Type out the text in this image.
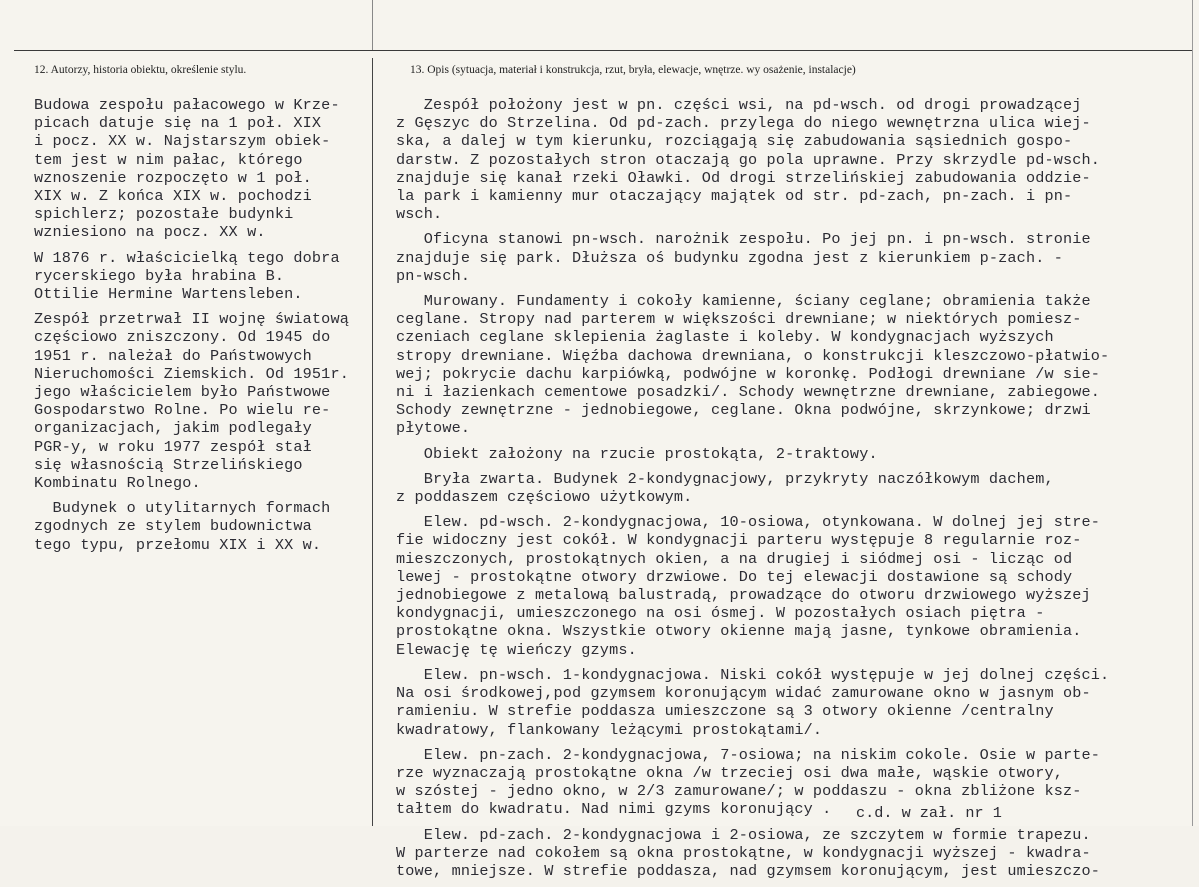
12. Autorzy, historia obiektu, określenie stylu.	13. Opis (sytuacja, materiał i konstrukcja, rzut, bryła, elewacje, wnętrze. wy osażenie, instalacje)
Budowa zespołu pałacowego w Krze-
picach datuje się na 1 poł. XIX
i pocz. XX w. Najstarszym obiek-
tem jest w nim pałac, którego
wznoszenie rozpoczęto w 1 poł.
XIX w. Z końca XIX w. pochodzi
spichlerz; pozostałe budynki
wzniesiono na pocz. XX w.
W 1876 r. właścicielką tego dobra
rycerskiego była hrabina B.
Ottilie Hermine Wartensleben.
Zespół przetrwał II wojnę światową
częściowo zniszczony. Od 1945 do
1951 r. należał do Państwowych
Nieruchomości Ziemskich. Od 1951r.
jego właścicielem było Państwowe
Gospodarstwo Rolne. Po wielu re-
organizacjach, jakim podlegały
PGR-y, w roku 1977 zespół stał
się własnością Strzelińskiego
Kombinatu Rolnego.
Budynek o utylitarnych formach
zgodnych ze stylem budownictwa
tego typu, przełomu XIX i XX w.
Zespół położony jest w pn. części wsi, na pd-wsch. od drogi prowadzącej
z Gęszyc do Strzelina. Od pd-zach. przylega do niego wewnętrzna ulica wiej-
ska, a dalej w tym kierunku, rozciągają się zabudowania sąsiednich gospo-
darstw. Z pozostałych stron otaczają go pola uprawne. Przy skrzydle pd-wsch.
znajduje się kanał rzeki Oławki. Od drogi strzelińskiej zabudowania oddzie-
la park i kamienny mur otaczający majątek od str. pd-zach, pn-zach. i pn-
wsch.
Oficyna stanowi pn-wsch. narożnik zespołu. Po jej pn. i pn-wsch. stronie
znajduje się park. Dłuższa oś budynku zgodna jest z kierunkiem p-zach. -
pn-wsch.
Murowany. Fundamenty i cokoły kamienne, ściany ceglane; obramienia także
ceglane. Stropy nad parterem w większości drewniane; w niektórych pomiesz-
czeniach ceglane sklepienia żaglaste i koleby. W kondygnacjach wyższych
stropy drewniane. Więźba dachowa drewniana, o konstrukcji kleszczowo-płatwio-
wej; pokrycie dachu karpiówką, podwójne w koronkę. Podłogi drewniane /w sie-
ni i łazienkach cementowe posadzki/. Schody wewnętrzne drewniane, zabiegowe.
Schody zewnętrzne - jednobiegowe, ceglane. Okna podwójne, skrzynkowe; drzwi
płytowe.
Obiekt założony na rzucie prostokąta, 2-traktowy.
Bryła zwarta. Budynek 2-kondygnacjowy, przykryty naczółkowym dachem,
z poddaszem częściowo użytkowym.
Elew. pd-wsch. 2-kondygnacjowa, 10-osiowa, otynkowana. W dolnej jej stre-
fie widoczny jest cokół. W kondygnacji parteru występuje 8 regularnie roz-
mieszczonych, prostokątnych okien, a na drugiej i siódmej osi - licząc od
lewej - prostokątne otwory drzwiowe. Do tej elewacji dostawione są schody
jednobiegowe z metalową balustradą, prowadzące do otworu drzwiowego wyższej
kondygnacji, umieszczonego na osi ósmej. W pozostałych osiach piętra -
prostokątne okna. Wszystkie otwory okienne mają jasne, tynkowe obramienia.
Elewację tę wieńczy gzyms.
Elew. pn-wsch. 1-kondygnacjowa. Niski cokół występuje w jej dolnej części.
Na osi środkowej,pod gzymsem koronującym widać zamurowane okno w jasnym ob-
ramieniu. W strefie poddasza umieszczone są 3 otwory okienne /centralny
kwadratowy, flankowany leżącymi prostokątami/.
Elew. pn-zach. 2-kondygnacjowa, 7-osiowa; na niskim cokole. Osie w parte-
rze wyznaczają prostokątne okna /w trzeciej osi dwa małe, wąskie otwory,
w szóstej - jedno okno, w 2/3 zamurowane/; w poddaszu - okna zbliżone ksz-
tałtem do kwadratu. Nad nimi gzyms koronujący .
Elew. pd-zach. 2-kondygnacjowa i 2-osiowa, ze szczytem w formie trapezu.
W parterze nad cokołem są okna prostokątne, w kondygnacji wyższej - kwadra-
towe, mniejsze. W strefie poddasza, nad gzymsem koronującym, jest umieszczo-
c.d. w zał. nr 1
